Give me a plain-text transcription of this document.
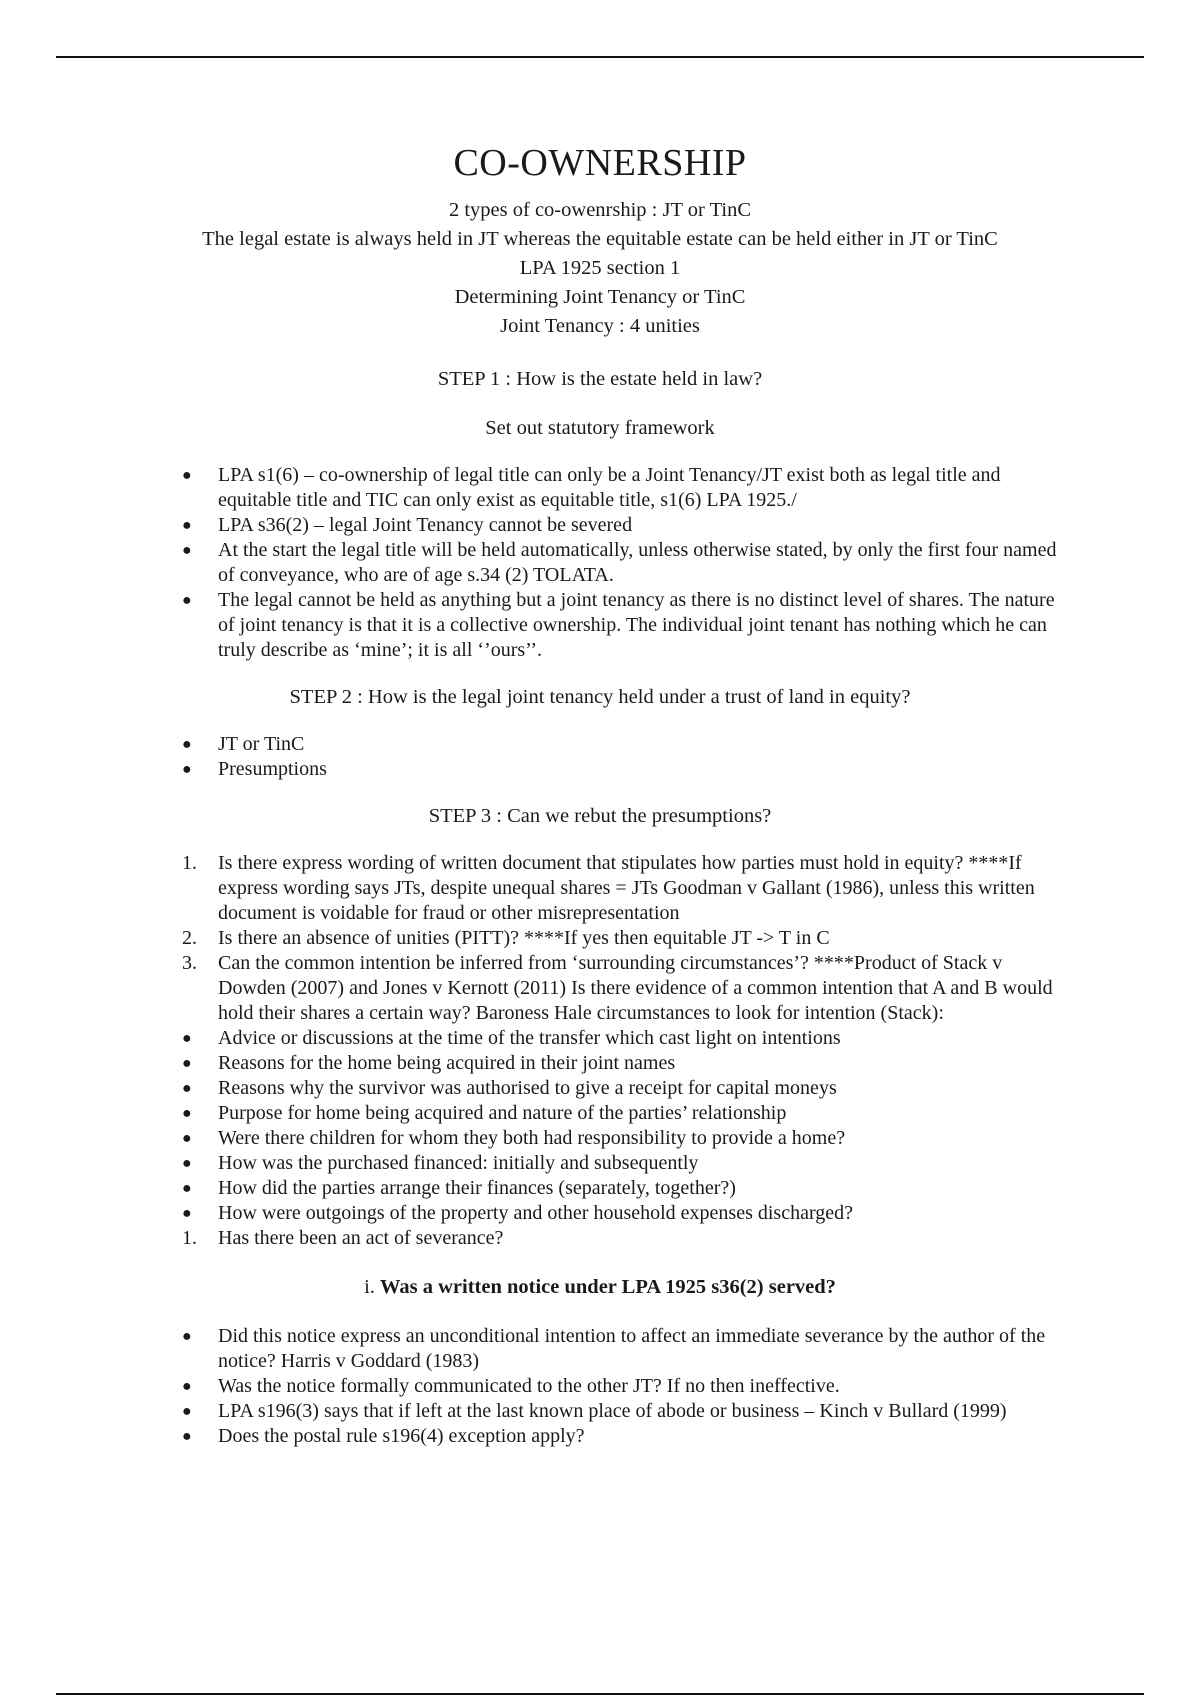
CO-OWNERSHIP
2 types of co-owenrship : JT or TinC
The legal estate is always held in JT whereas the equitable estate can be held either in JT or TinC
LPA 1925 section 1
Determining Joint Tenancy or TinC
Joint Tenancy : 4 unities
STEP 1 : How is the estate held in law?
Set out statutory framework
●	LPA s1(6) – co-ownership of legal title can only be a Joint Tenancy/JT exist both as legal title and equitable title and TIC can only exist as equitable title, s1(6) LPA 1925./
●	LPA s36(2) – legal Joint Tenancy cannot be severed
●	At the start the legal title will be held automatically, unless otherwise stated, by only the first four named of conveyance, who are of age s.34 (2) TOLATA.
●	The legal cannot be held as anything but a joint tenancy as there is no distinct level of shares. The nature of joint tenancy is that it is a collective ownership. The individual joint tenant has nothing which he can truly describe as ‘mine’; it is all ‘’ours’’.
STEP 2 : How is the legal joint tenancy held under a trust of land in equity?
●	JT or TinC
●	Presumptions
STEP 3 : Can we rebut the presumptions?
1. Is there express wording of written document that stipulates how parties must hold in equity? ****If express wording says JTs, despite unequal shares = JTs Goodman v Gallant (1986), unless this written document is voidable for fraud or other misrepresentation
2. Is there an absence of unities (PITT)? ****If yes then equitable JT -> T in C
3. Can the common intention be inferred from ‘surrounding circumstances’? ****Product of Stack v Dowden (2007) and Jones v Kernott (2011) Is there evidence of a common intention that A and B would hold their shares a certain way? Baroness Hale circumstances to look for intention (Stack):
●	Advice or discussions at the time of the transfer which cast light on intentions
●	Reasons for the home being acquired in their joint names
●	Reasons why the survivor was authorised to give a receipt for capital moneys
●	Purpose for home being acquired and nature of the parties’ relationship
●	Were there children for whom they both had responsibility to provide a home?
●	How was the purchased financed: initially and subsequently
●	How did the parties arrange their finances (separately, together?)
●	How were outgoings of the property and other household expenses discharged?
1. Has there been an act of severance?
i. Was a written notice under LPA 1925 s36(2) served?
●	Did this notice express an unconditional intention to affect an immediate severance by the author of the notice? Harris v Goddard (1983)
●	Was the notice formally communicated to the other JT? If no then ineffective.
●	LPA s196(3) says that if left at the last known place of abode or business – Kinch v Bullard (1999)
●	Does the postal rule s196(4) exception apply?
